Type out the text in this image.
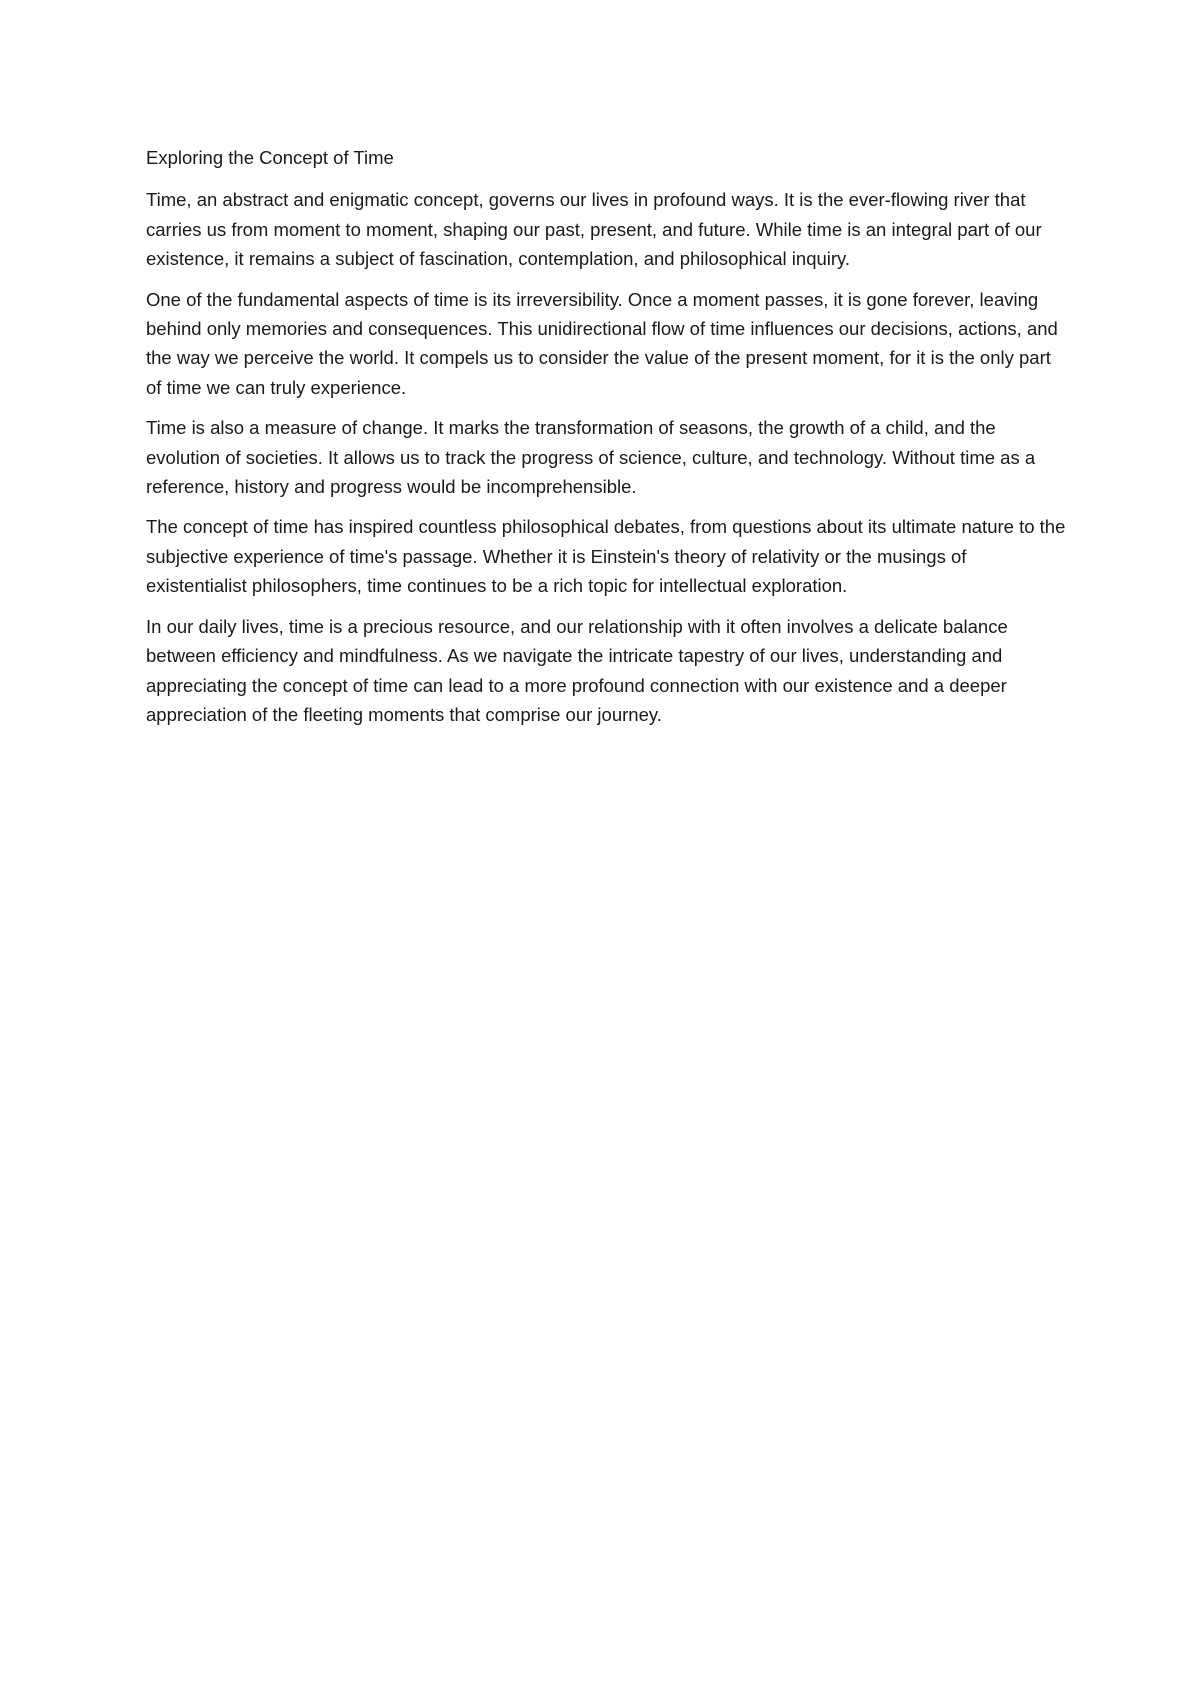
Exploring the Concept of Time

Time, an abstract and enigmatic concept, governs our lives in profound ways. It is the ever-flowing river that carries us from moment to moment, shaping our past, present, and future. While time is an integral part of our existence, it remains a subject of fascination, contemplation, and philosophical inquiry.

One of the fundamental aspects of time is its irreversibility. Once a moment passes, it is gone forever, leaving behind only memories and consequences. This unidirectional flow of time influences our decisions, actions, and the way we perceive the world. It compels us to consider the value of the present moment, for it is the only part of time we can truly experience.

Time is also a measure of change. It marks the transformation of seasons, the growth of a child, and the evolution of societies. It allows us to track the progress of science, culture, and technology. Without time as a reference, history and progress would be incomprehensible.

The concept of time has inspired countless philosophical debates, from questions about its ultimate nature to the subjective experience of time's passage. Whether it is Einstein's theory of relativity or the musings of existentialist philosophers, time continues to be a rich topic for intellectual exploration.

In our daily lives, time is a precious resource, and our relationship with it often involves a delicate balance between efficiency and mindfulness. As we navigate the intricate tapestry of our lives, understanding and appreciating the concept of time can lead to a more profound connection with our existence and a deeper appreciation of the fleeting moments that comprise our journey.
